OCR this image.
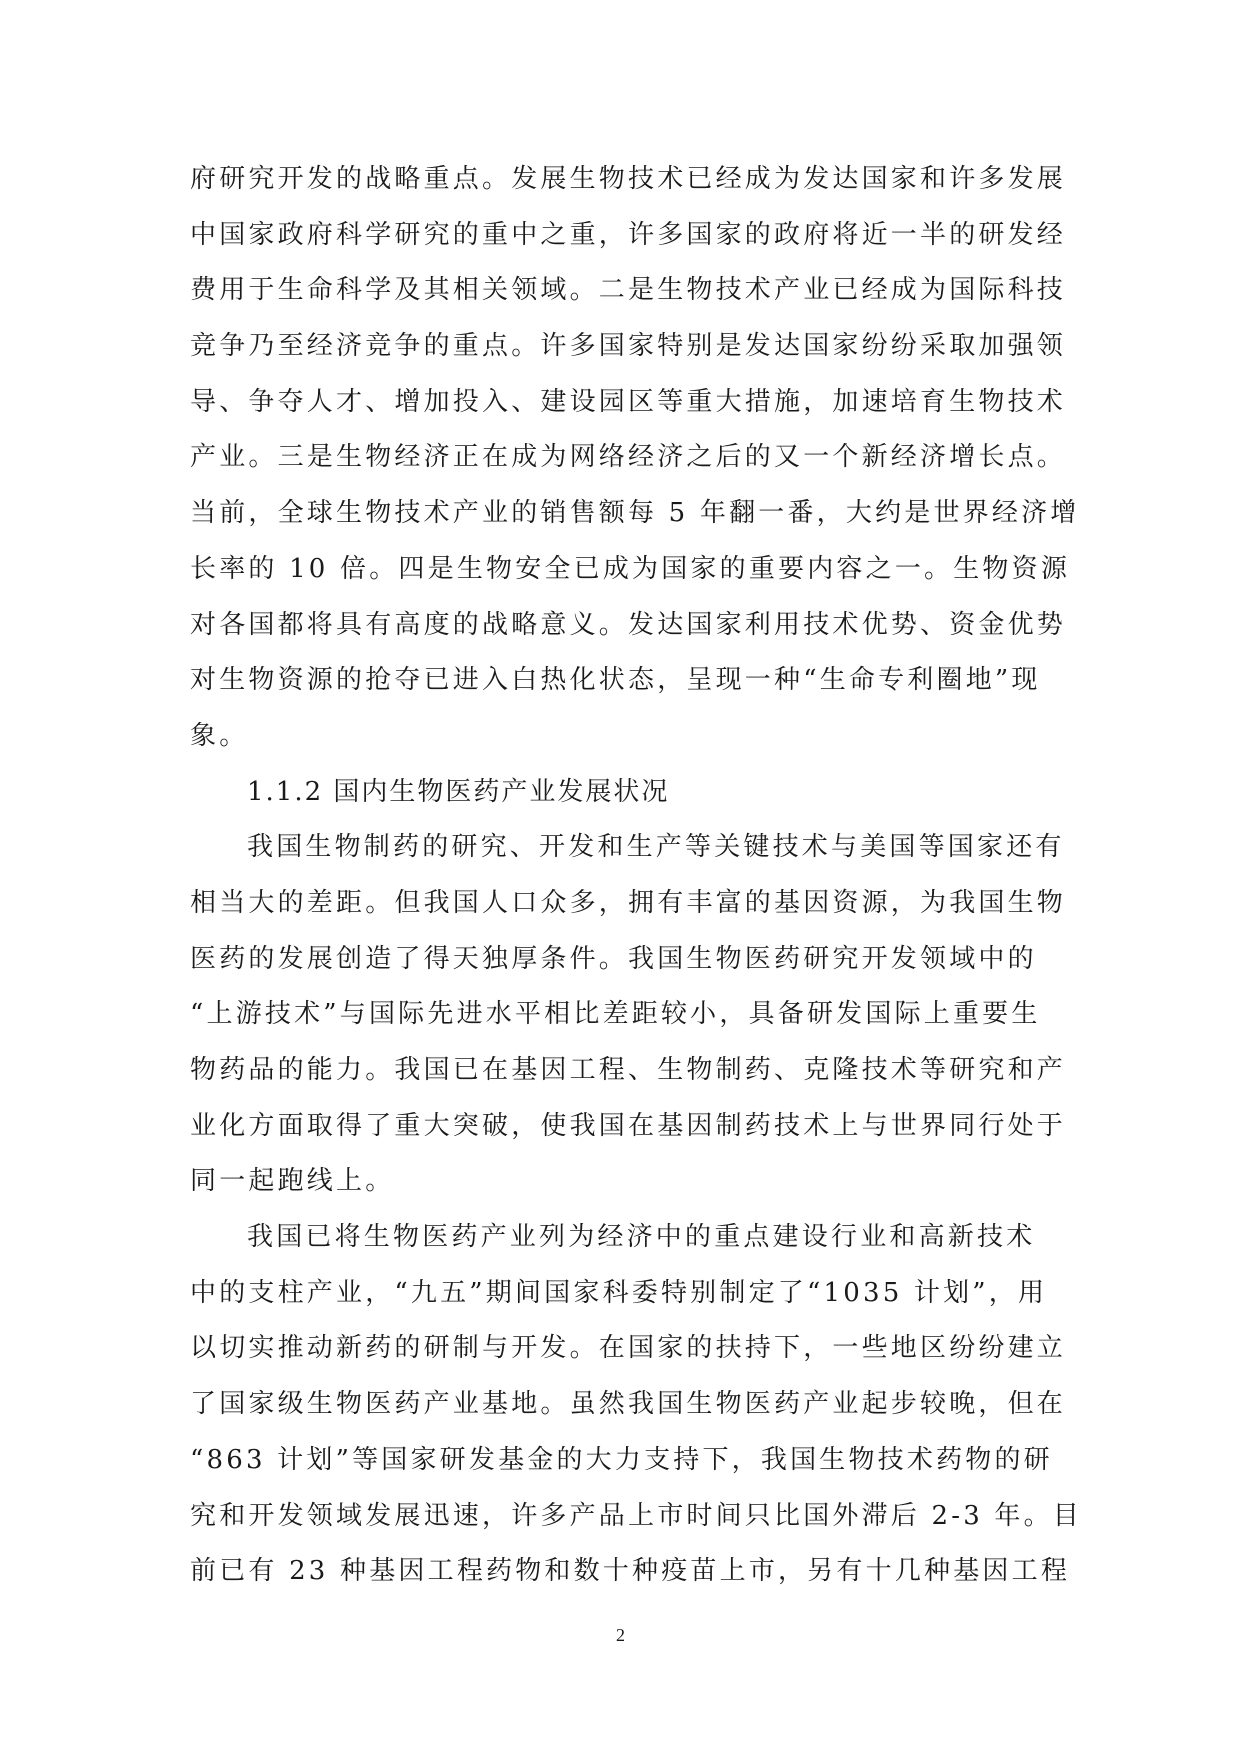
府研究开发的战略重点。发展生物技术已经成为发达国家和许多发展
中国家政府科学研究的重中之重，许多国家的政府将近一半的研发经
费用于生命科学及其相关领域。二是生物技术产业已经成为国际科技
竞争乃至经济竞争的重点。许多国家特别是发达国家纷纷采取加强领
导、争夺人才、增加投入、建设园区等重大措施，加速培育生物技术
产业。三是生物经济正在成为网络经济之后的又一个新经济增长点。
当前，全球生物技术产业的销售额每 5 年翻一番，大约是世界经济增
长率的 10 倍。四是生物安全已成为国家的重要内容之一。生物资源
对各国都将具有高度的战略意义。发达国家利用技术优势、资金优势
对生物资源的抢夺已进入白热化状态，呈现一种“生命专利圈地”现
象。
1.1.2 国内生物医药产业发展状况
我国生物制药的研究、开发和生产等关键技术与美国等国家还有
相当大的差距。但我国人口众多，拥有丰富的基因资源，为我国生物
医药的发展创造了得天独厚条件。我国生物医药研究开发领域中的
“上游技术”与国际先进水平相比差距较小，具备研发国际上重要生
物药品的能力。我国已在基因工程、生物制药、克隆技术等研究和产
业化方面取得了重大突破，使我国在基因制药技术上与世界同行处于
同一起跑线上。
我国已将生物医药产业列为经济中的重点建设行业和高新技术
中的支柱产业，“九五”期间国家科委特别制定了“1035 计划”，用
以切实推动新药的研制与开发。在国家的扶持下，一些地区纷纷建立
了国家级生物医药产业基地。虽然我国生物医药产业起步较晚，但在
“863 计划”等国家研发基金的大力支持下，我国生物技术药物的研
究和开发领域发展迅速，许多产品上市时间只比国外滞后 2-3 年。目
前已有 23 种基因工程药物和数十种疫苗上市，另有十几种基因工程
2
